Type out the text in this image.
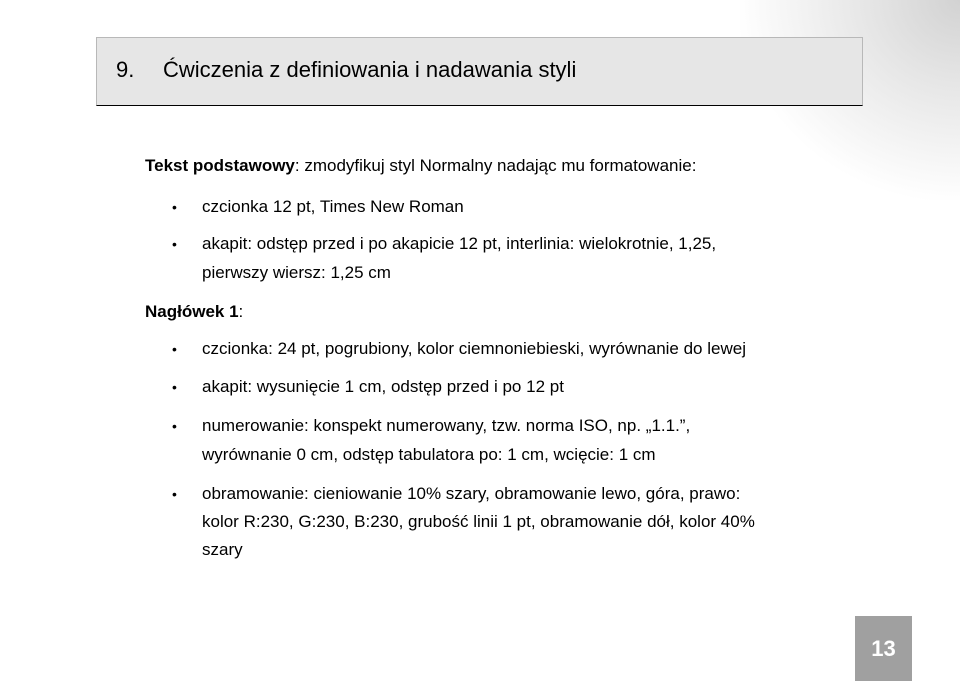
9. Ćwiczenia z definiowania i nadawania styli
Tekst podstawowy: zmodyfikuj styl Normalny nadając mu formatowanie:
• czcionka 12 pt, Times New Roman
• akapit: odstęp przed i po akapicie 12 pt, interlinia: wielokrotnie, 1,25,
pierwszy wiersz: 1,25 cm
Nagłówek 1:
• czcionka: 24 pt, pogrubiony, kolor ciemnoniebieski, wyrównanie do lewej
• akapit: wysunięcie 1 cm, odstęp przed i po 12 pt
• numerowanie: konspekt numerowany, tzw. norma ISO, np. „1.1.”,
wyrównanie 0 cm, odstęp tabulatora po: 1 cm, wcięcie: 1 cm
• obramowanie: cieniowanie 10% szary, obramowanie lewo, góra, prawo:
kolor R:230, G:230, B:230, grubość linii 1 pt, obramowanie dół, kolor 40%
szary
13
